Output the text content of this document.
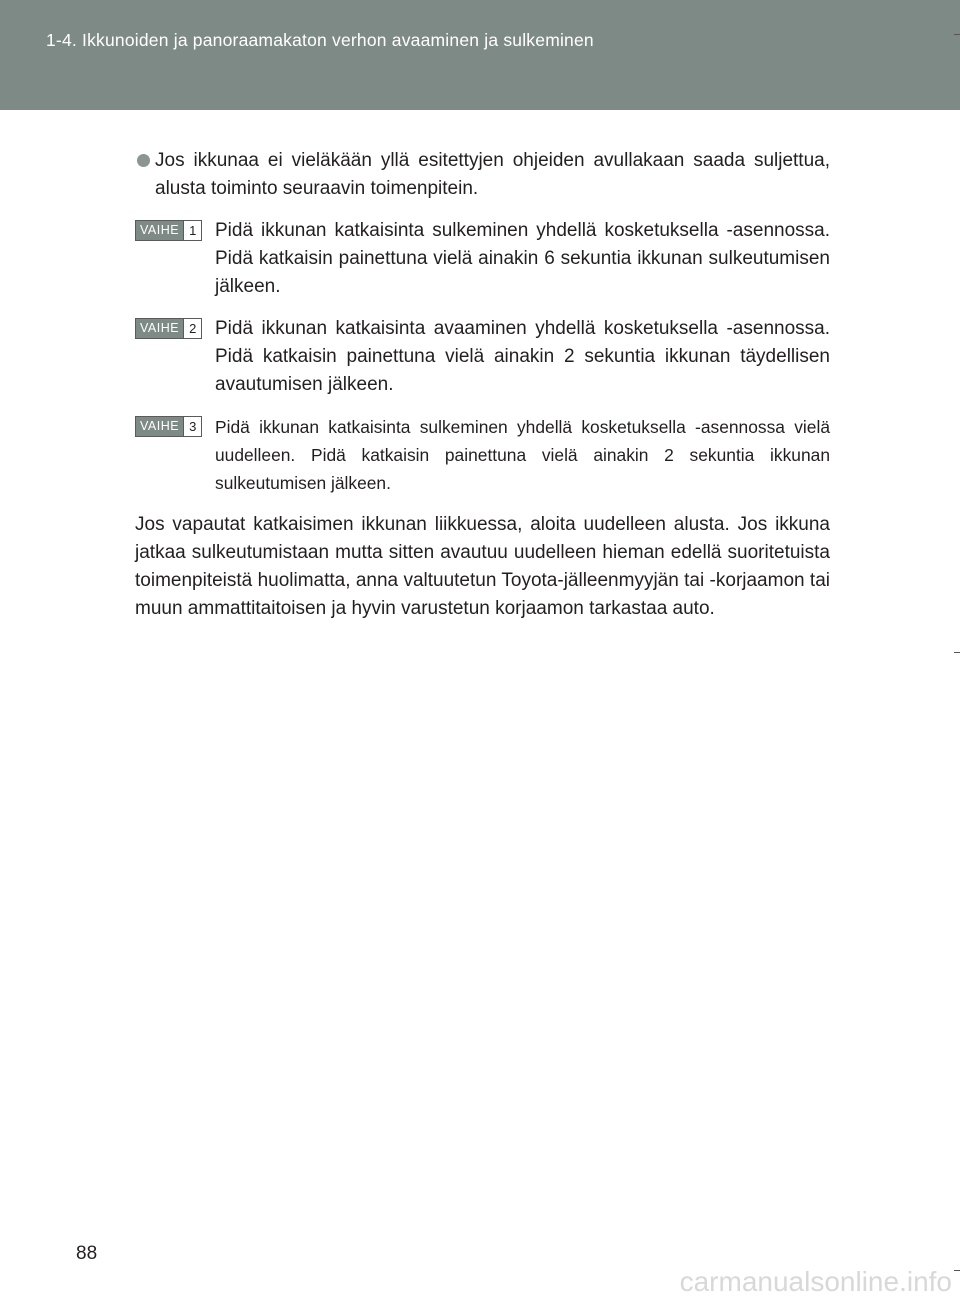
1-4. Ikkunoiden ja panoraamakaton verhon avaaminen ja sulkeminen
Jos ikkunaa ei vieläkään yllä esitettyjen ohjeiden avullakaan saada suljettua, alusta toiminto seuraavin toimenpitein.
VAIHE 1 Pidä ikkunan katkaisinta sulkeminen yhdellä kosketuksella -asennossa. Pidä katkaisin painettuna vielä ainakin 6 sekuntia ikkunan sulkeutumisen jälkeen.
VAIHE 2 Pidä ikkunan katkaisinta avaaminen yhdellä kosketuksella -asennossa. Pidä katkaisin painettuna vielä ainakin 2 sekuntia ikkunan täydellisen avautumisen jälkeen.
VAIHE 3 Pidä ikkunan katkaisinta sulkeminen yhdellä kosketuksella -asennossa vielä uudelleen. Pidä katkaisin painettuna vielä ainakin 2 sekuntia ikkunan sulkeutumisen jälkeen.
Jos vapautat katkaisimen ikkunan liikkuessa, aloita uudelleen alusta. Jos ikkuna jatkaa sulkeutumistaan mutta sitten avautuu uudelleen hieman edellä suoritetuista toimenpiteistä huolimatta, anna valtuutetun Toyota-jälleenmyyjän tai -korjaamon tai muun ammattitaitoisen ja hyvin varustetun korjaamon tarkastaa auto.
88
carmanualsonline.info
